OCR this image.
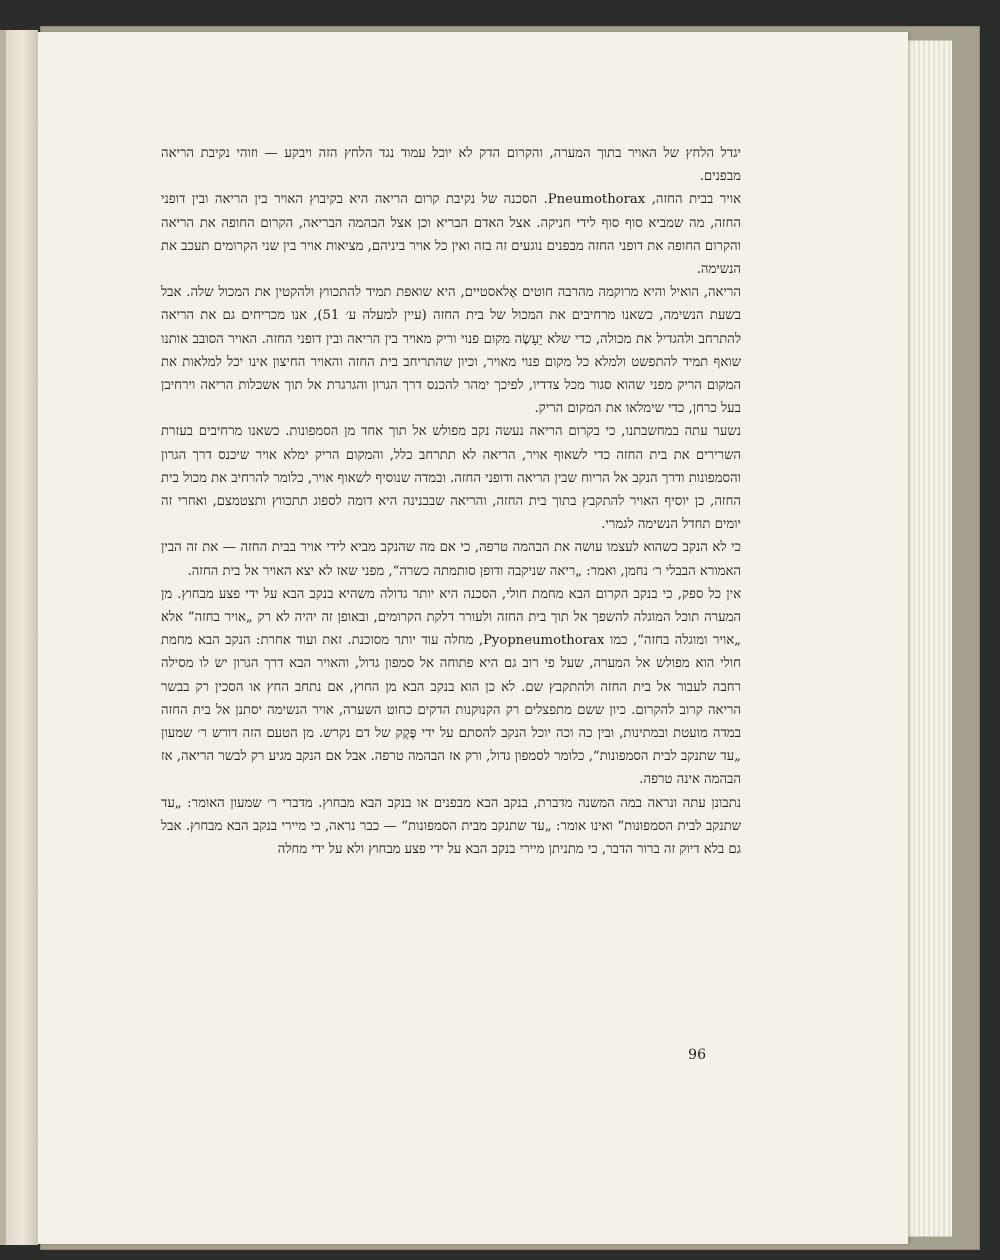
יגדל הלחץ של האויר בתוך המערה, והקרום הדק לא יוכל עמוד נגד הלחץ הזה ויבקע — וזוהי נקיבת הריאה מבפנים.

אויר בבית החזה, Pneumothorax. הסכנה של נקיבת קרום הריאה היא בקיבוץ האויר בין הריאה ובין דופני החזה, מה שמביא סוף סוף לידי חניקה. אצל האדם הבריא וכן אצל הבהמה הבריאה, הקרום החופה את הריאה והקרום החופה את דופני החזה מבפנים נוגעים זה בזה ואין כל אויר ביניהם, מציאות אויר בין שני הקרומים תעכב את הנשימה.

הריאה, הואיל והיא מרוקמה מהרבה חוטים אֶלאסטיים, היא שואפת תמיד להתכווץ ולהקטין את המכול שלה. אבל בשעת הנשימה, כשאנו מרחיבים את המכול של בית החזה (עיין למעלה ע׳ 51), אנו מכריחים גם את הריאה להתרחב ולהגדיל את מכולה, כדי שלא יֵעָשֶׂה מקום פנוי וריק מאויר בין הריאה ובין דופני החזה. האויר הסובב אותנו שואף תמיד להתפשט ולמלא כל מקום פנוי מאויר, וכיון שהתריחב בית החזה והאויר החיצון אינו יכל למלאות את המקום הריק מפני שהוא סגור מכל צדדיו, לפיכך ימהר להכנס דרך הגרון והגרגרת אל תוך אשכלות הריאה וירחיבן בעל כרחן, כדי שימלאו את המקום הריק.

נשער עתה במחשבתנו, כי בקרום הריאה נעשה נקב מפולש אל תוך אחד מן הסמפונות. כשאנו מרחיבים בעזרת השרירים את בית החזה כדי לשאוף אויר, הריאה לא תתרחב כלל, והמקום הריק ימלא אויר שיכנס דרך הגרון והסמפונות ודרך הנקב אל הריוח שבין הריאה ודופני החזה. ובמדה שנוסיף לשאוף אויר, כלומר להרחיב את מכול בית החזה, כן יוסיף האויר להתקבץ בתוך בית החזה, והריאה שבבנינה היא דומה לספוג תתכווץ ותצטמצם, ואחרי זה יומים תחדל הנשימה לגמרי.

כי לא הנקב כשהוא לעצמו עושה את הבהמה טרפה, כי אם מה שהנקב מביא לידי אויר בבית החזה — את זה הבין האמורא הבבלי ר׳ נחמן, ואמר: „ריאה שניקבה ודופן סותמתה כשרה“, מפני שאז לא יצא האויר אל בית החזה.

אין כל ספק, כי בנקב הקרום הבא מחמת חולי, הסכנה היא יותר גדולה משהיא בנקב הבא על ידי פצע מבחוץ. מן המערה תוכל המוגלה להשפך אל תוך בית החזה ולעורר דלקת הקרומים, ובאופן זה יהיה לא רק „אויר בחזה“ אלא „אויר ומוגלה בחזה“, כמו Pyopneumothorax, מחלה עוד יותר מסוכנת. זאת ועוד אחרת: הנקב הבא מחמת חולי הוא מפולש אל המערה, שעל פי רוב גם היא פתוחה אל סמפון גדול, והאויר הבא דרך הגרון יש לו מסילה רחבה לעבור אל בית החזה ולהתקבץ שם. לא כן הוא בנקב הבא מן החוץ, אם נתחב החץ או הסכין רק בבשר הריאה קרוב להקרום. כיון ששם מתפצלים רק הקנוקנות הדקים כחוט השערה, אויר הנשימה יסתנן אל בית החזה במדה מועטת ובמתינות, ובין כה וכה יוכל הנקב להסתם על ידי פֶּקֶק של דם נקרש. מן הטעם הזה דורש ר׳ שמעון „עד שתנקב לבית הסמפונות“, כלומר לסמפון גדול, ורק אז הבהמה טרפה. אבל אם הנקב מגיע רק לבשר הריאה, אז הבהמה אינה טרפה.

נתבונן עתה ונראה במה המשנה מדברת, בנקב הבא מבפנים או בנקב הבא מבחוץ. מדברי ר׳ שמעון האומר: „עד שתנקב לבית הסמפונות“ ואינו אומר: „עד שתנקב מבית הסמפונות“ — כבר נראה, כי מיירי בנקב הבא מבחוץ. אבל גם בלא דיוק זה ברור הדבר, כי מתניתן מיירי בנקב הבא על ידי פצע מבחוץ ולא על ידי מחלה

96
